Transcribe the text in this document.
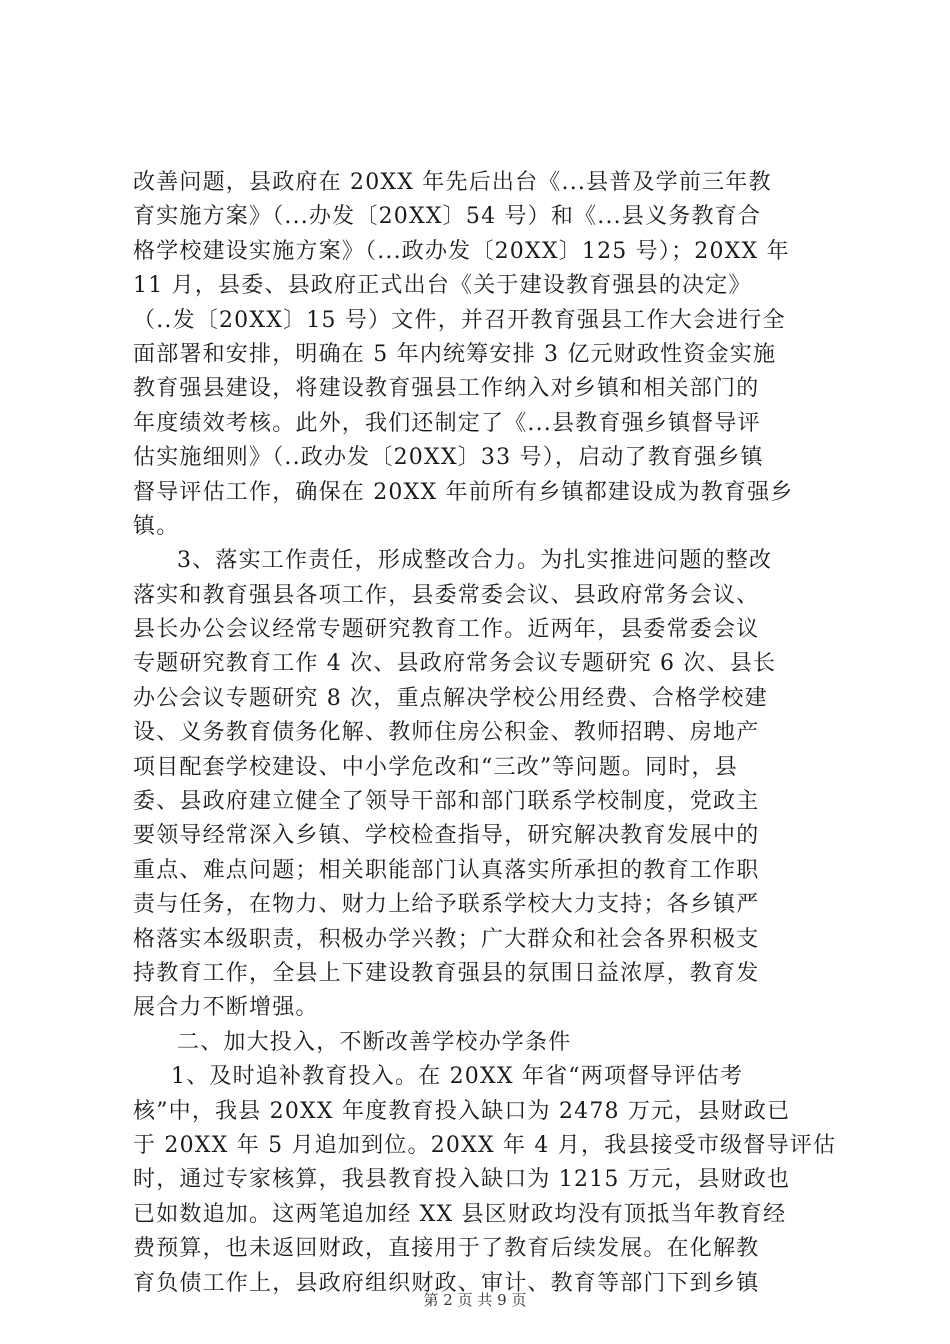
改善问题，县政府在 20XX 年先后出台《...县普及学前三年教
育实施方案》（...办发〔20XX〕54 号）和《...县义务教育合
格学校建设实施方案》（...政办发〔20XX〕125 号）；20XX 年
11 月，县委、县政府正式出台《关于建设教育强县的决定》
（..发〔20XX〕15 号）文件，并召开教育强县工作大会进行全
面部署和安排，明确在 5 年内统筹安排 3 亿元财政性资金实施
教育强县建设，将建设教育强县工作纳入对乡镇和相关部门的
年度绩效考核。此外，我们还制定了《...县教育强乡镇督导评
估实施细则》（..政办发〔20XX〕33 号），启动了教育强乡镇
督导评估工作，确保在 20XX 年前所有乡镇都建设成为教育强乡
镇。
3、落实工作责任，形成整改合力。为扎实推进问题的整改
落实和教育强县各项工作，县委常委会议、县政府常务会议、
县长办公会议经常专题研究教育工作。近两年，县委常委会议
专题研究教育工作 4 次、县政府常务会议专题研究 6 次、县长
办公会议专题研究 8 次，重点解决学校公用经费、合格学校建
设、义务教育债务化解、教师住房公积金、教师招聘、房地产
项目配套学校建设、中小学危改和“三改”等问题。同时，县
委、县政府建立健全了领导干部和部门联系学校制度，党政主
要领导经常深入乡镇、学校检查指导，研究解决教育发展中的
重点、难点问题；相关职能部门认真落实所承担的教育工作职
责与任务，在物力、财力上给予联系学校大力支持；各乡镇严
格落实本级职责，积极办学兴教；广大群众和社会各界积极支
持教育工作，全县上下建设教育强县的氛围日益浓厚，教育发
展合力不断增强。
二、加大投入，不断改善学校办学条件
1、及时追补教育投入。在 20XX 年省“两项督导评估考
核”中，我县 20XX 年度教育投入缺口为 2478 万元，县财政已
于 20XX 年 5 月追加到位。20XX 年 4 月，我县接受市级督导评估
时，通过专家核算，我县教育投入缺口为 1215 万元，县财政也
已如数追加。这两笔追加经 XX 县区财政均没有顶抵当年教育经
费预算，也未返回财政，直接用于了教育后续发展。在化解教
育负债工作上，县政府组织财政、审计、教育等部门下到乡镇
第 2 页 共 9 页
